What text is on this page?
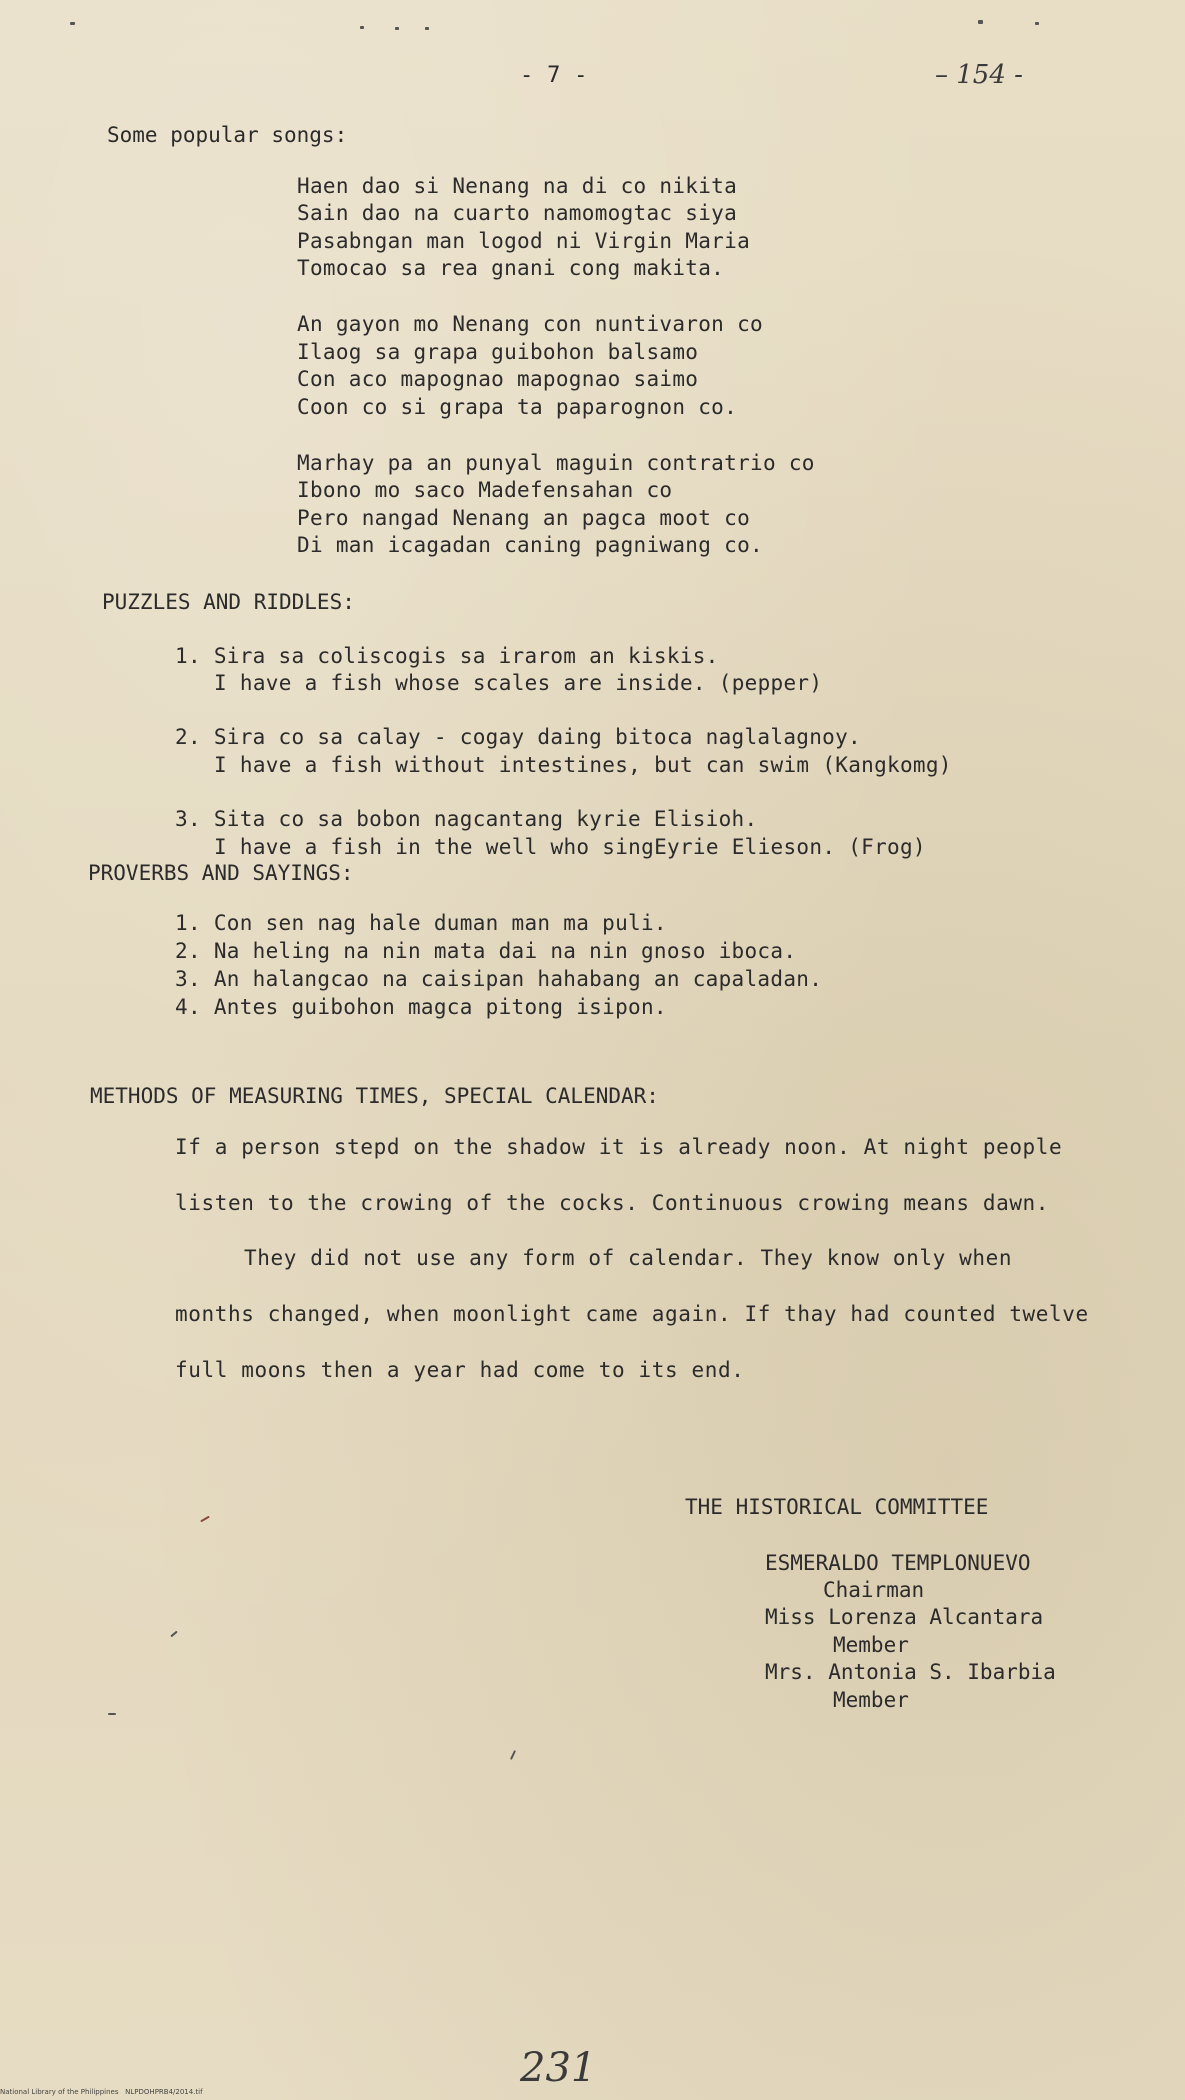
- 7 -	– 154 -
Some popular songs:
Haen dao si Nenang na di co nikita
Sain dao na cuarto namomogtac siya
Pasabngan man logod ni Virgin Maria
Tomocao sa rea gnani cong makita.
An gayon mo Nenang con nuntivaron co
Ilaog sa grapa guibohon balsamo
Con aco mapognao mapognao saimo
Coon co si grapa ta paparognon co.
Marhay pa an punyal maguin contratrio co
Ibono mo saco Madefensahan co
Pero nangad Nenang an pagca moot co
Di man icagadan caning pagniwang co.
PUZZLES AND RIDDLES:
1. Sira sa coliscogis sa irarom an kiskis.
I have a fish whose scales are inside. (pepper)
2. Sira co sa calay - cogay daing bitoca naglalagnoy.
I have a fish without intestines, but can swim (Kangkomg)
3. Sita co sa bobon nagcantang kyrie Elisioh.
I have a fish in the well who singEyrie Elieson. (Frog)
PROVERBS AND SAYINGS:
1. Con sen nag hale duman man ma puli.
2. Na heling na nin mata dai na nin gnoso iboca.
3. An halangcao na caisipan hahabang an capaladan.
4. Antes guibohon magca pitong isipon.
METHODS OF MEASURING TIMES, SPECIAL CALENDAR:
If a person stepd on the shadow it is already noon. At night people
listen to the crowing of the cocks. Continuous crowing means dawn.
They did not use any form of calendar. They know only when
months changed, when moonlight came again. If thay had counted twelve
full moons then a year had come to its end.
THE HISTORICAL COMMITTEE
ESMERALDO TEMPLONUEVO
Chairman
Miss Lorenza Alcantara
Member
Mrs. Antonia S. Ibarbia
Member
231
National Library of the Philippines   NLPDOHPRB4/2014.tif
